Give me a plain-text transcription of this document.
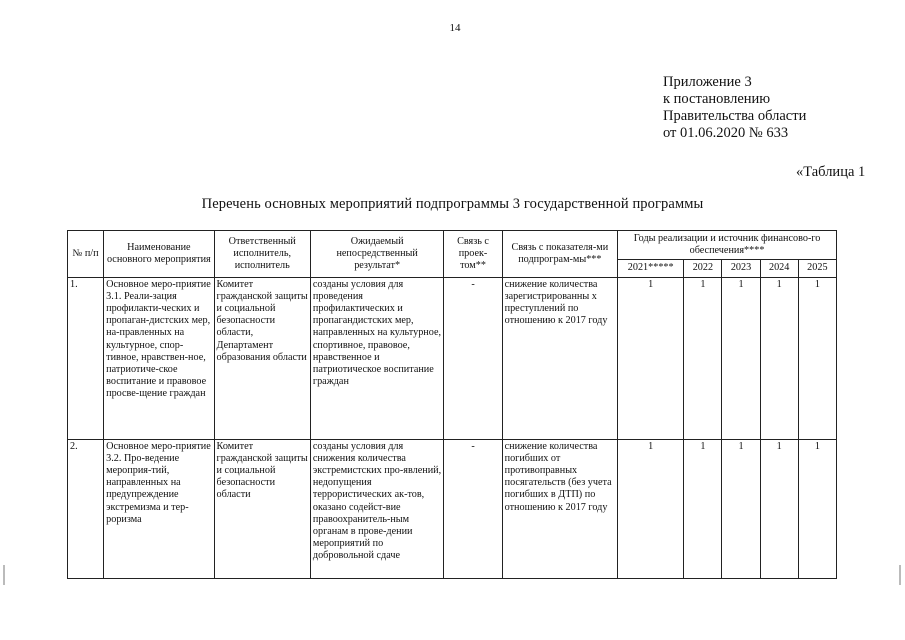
14
Приложение 3
к постановлению
Правительства области
от 01.06.2020 № 633
«Таблица 1
Перечень основных мероприятий подпрограммы 3 государственной программы
№ п/п	Наименование основного мероприятия	Ответственный исполнитель, исполнитель	Ожидаемый непосредственный результат*	Связь с проек-том**	Связь с показателя-ми подпрограм-мы***	Годы реализации и источник финансово-го обеспечения****				
						2021*****	2022	2023	2024	2025
1.	Основное меро-приятие 3.1. Реали-зация профилакти-ческих и пропаган-дистских мер, на-правленных на культурное, спор-тивное, нравствен-ное, патриотиче-ское воспитание и правовое просве-щение граждан	Комитет гражданской защиты и социальной безопасности области, Департамент образования области	созданы условия для проведения профилактических и пропагандистских мер, направленных на культурное, спортивное, правовое, нравственное и патриотическое воспитание граждан	-	снижение количества зарегистрированны х преступлений по отношению к 2017 году	1	1	1	1	1
2.	Основное меро-приятие 3.2. Про-ведение мероприя-тий, направленных на предупреждение экстремизма и тер-роризма	Комитет гражданской защиты и социальной безопасности области	созданы условия для снижения количества экстремистских про-явлений, недопущения террористических ак-тов, оказано содейст-вие правоохранитель-ным органам в прове-дении мероприятий по добровольной сдаче	-	снижение количества погибших от противоправных посягательств (без учета погибших в ДТП) по отношению к 2017 году	1	1	1	1	1
